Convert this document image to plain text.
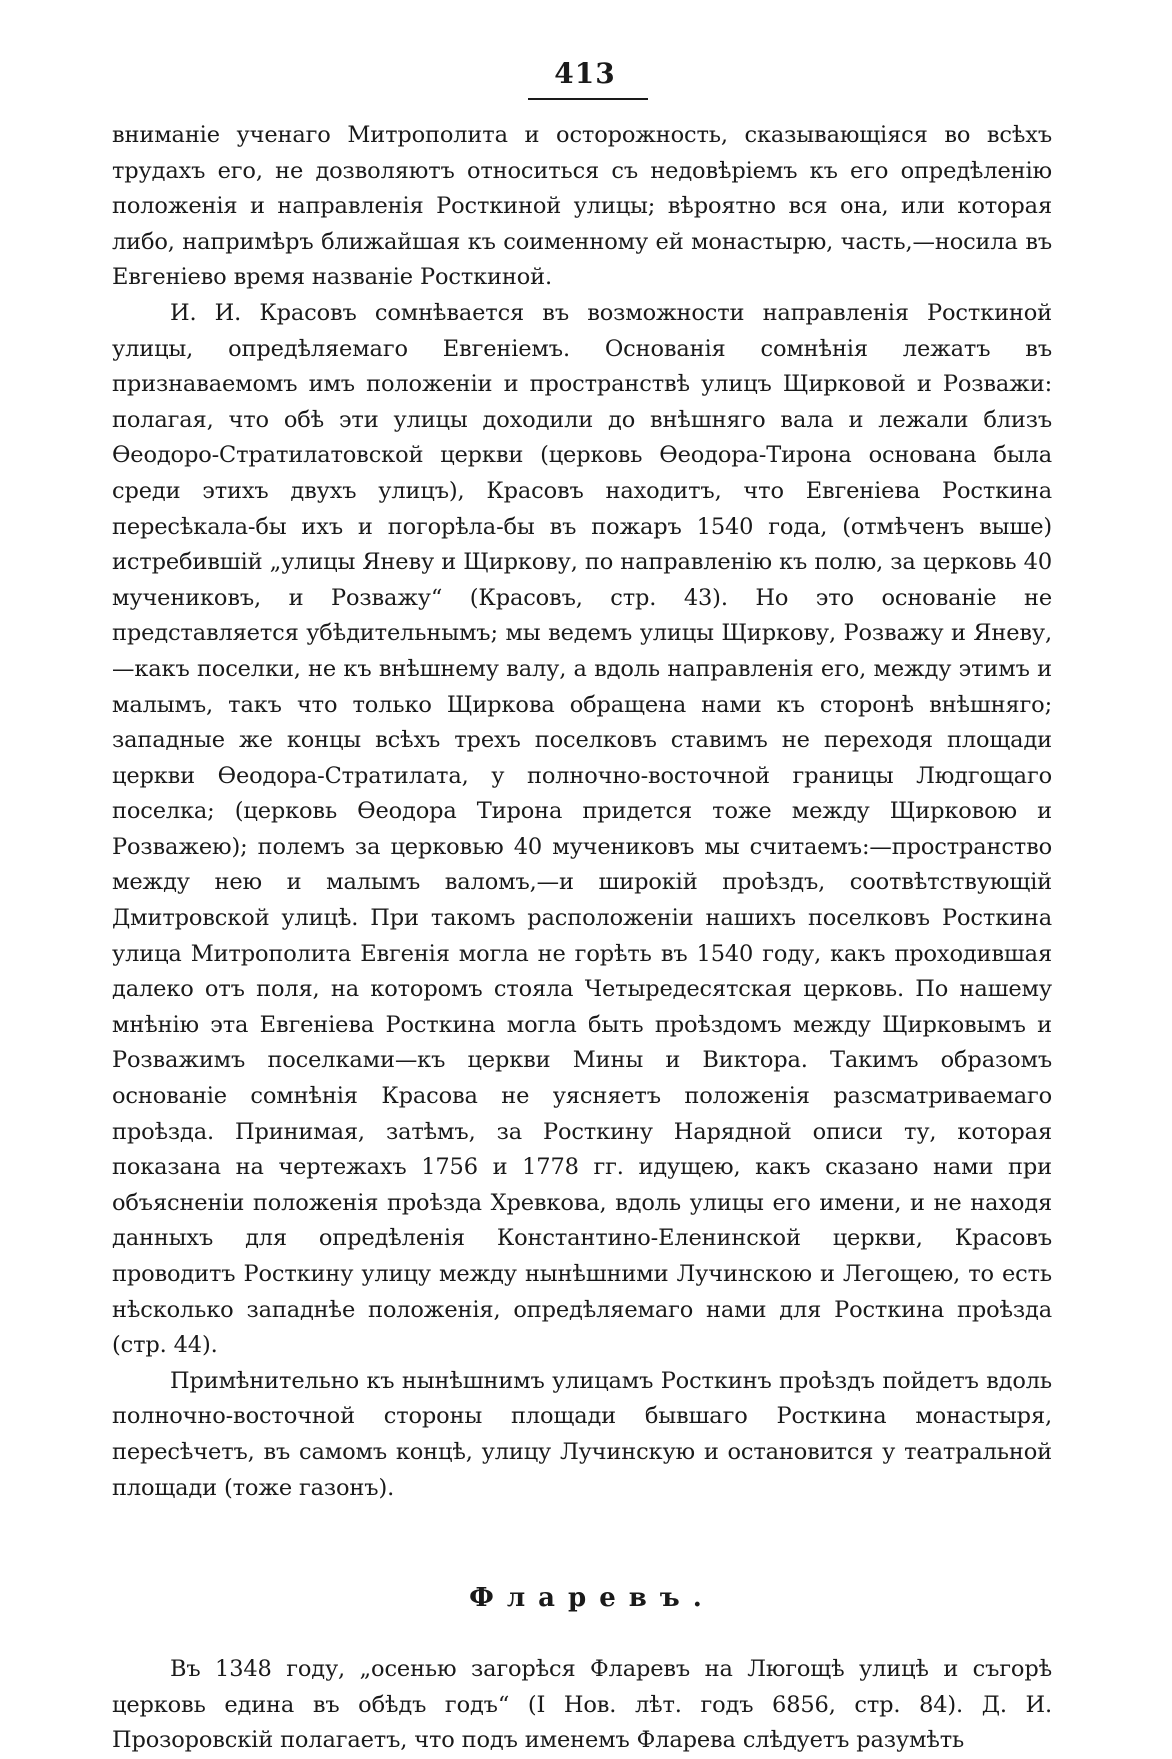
413

вниманіе ученаго Митрополита и осторожность, сказывающіяся во всѣхъ трудахъ его, не дозволяютъ относиться съ недовѣріемъ къ его опредѣленію положенія и направленія Росткиной улицы; вѣроятно вся она, или которая либо, напримѣръ ближайшая къ соименному ей монастырю, часть,—носила въ Евгеніево время названіе Росткиной.

И. И. Красовъ сомнѣвается въ возможности направленія Росткиной улицы, опредѣляемаго Евгеніемъ. Основанія сомнѣнія лежатъ въ признаваемомъ имъ положеніи и пространствѣ улицъ Щирковой и Розважи: полагая, что обѣ эти улицы доходили до внѣшняго вала и лежали близъ Ѳеодоро-Стратилатовской церкви (церковь Ѳеодора-Тирона основана была среди этихъ двухъ улицъ), Красовъ находитъ, что Евгеніева Росткина пересѣкала-бы ихъ и погорѣла-бы въ пожаръ 1540 года, (отмѣченъ выше) истребившій „улицы Яневу и Щиркову, по направленію къ полю, за церковь 40 мучениковъ, и Розважу“ (Красовъ, стр. 43). Но это основаніе не представляется убѣдительнымъ; мы ведемъ улицы Щиркову, Розважу и Яневу,—какъ поселки, не къ внѣшнему валу, а вдоль направленія его, между этимъ и малымъ, такъ что только Щиркова обращена нами къ сторонѣ внѣшняго; западные же концы всѣхъ трехъ поселковъ ставимъ не переходя площади церкви Ѳеодора-Стратилата, у полночно-восточной границы Людгощаго поселка; (церковь Ѳеодора Тирона придется тоже между Щирковою и Розважею); полемъ за церковью 40 мучениковъ мы считаемъ:—пространство между нею и малымъ валомъ,—и широкій проѣздъ, соотвѣтствующій Дмитровской улицѣ. При такомъ расположеніи нашихъ поселковъ Росткина улица Митрополита Евгенія могла не горѣть въ 1540 году, какъ проходившая далеко отъ поля, на которомъ стояла Четыредесятская церковь. По нашему мнѣнію эта Евгеніева Росткина могла быть проѣздомъ между Щирковымъ и Розважимъ поселками—къ церкви Мины и Виктора. Такимъ образомъ основаніе сомнѣнія Красова не уясняетъ положенія разсматриваемаго проѣзда. Принимая, затѣмъ, за Росткину Нарядной описи ту, которая показана на чертежахъ 1756 и 1778 гг. идущею, какъ сказано нами при объясненіи положенія проѣзда Хревкова, вдоль улицы его имени, и не находя данныхъ для опредѣленія Константино-Еленинской церкви, Красовъ проводитъ Росткину улицу между нынѣшними Лучинскою и Легощею, то есть нѣсколько западнѣе положенія, опредѣляемаго нами для Росткина проѣзда (стр. 44).

Примѣнительно къ нынѣшнимъ улицамъ Росткинъ проѣздъ пойдетъ вдоль полночно-восточной стороны площади бывшаго Росткина монастыря, пересѣчетъ, въ самомъ концѣ, улицу Лучинскую и остановится у театральной площади (тоже газонъ).

Фларевъ.

Въ 1348 году, „осенью загорѣся Фларевъ на Люгощѣ улицѣ и съгорѣ церковь едина въ обѣдъ годъ“ (I Нов. лѣт. годъ 6856, стр. 84). Д. И. Прозоровскій полагаетъ, что подъ именемъ Фларева слѣдуетъ разумѣть
